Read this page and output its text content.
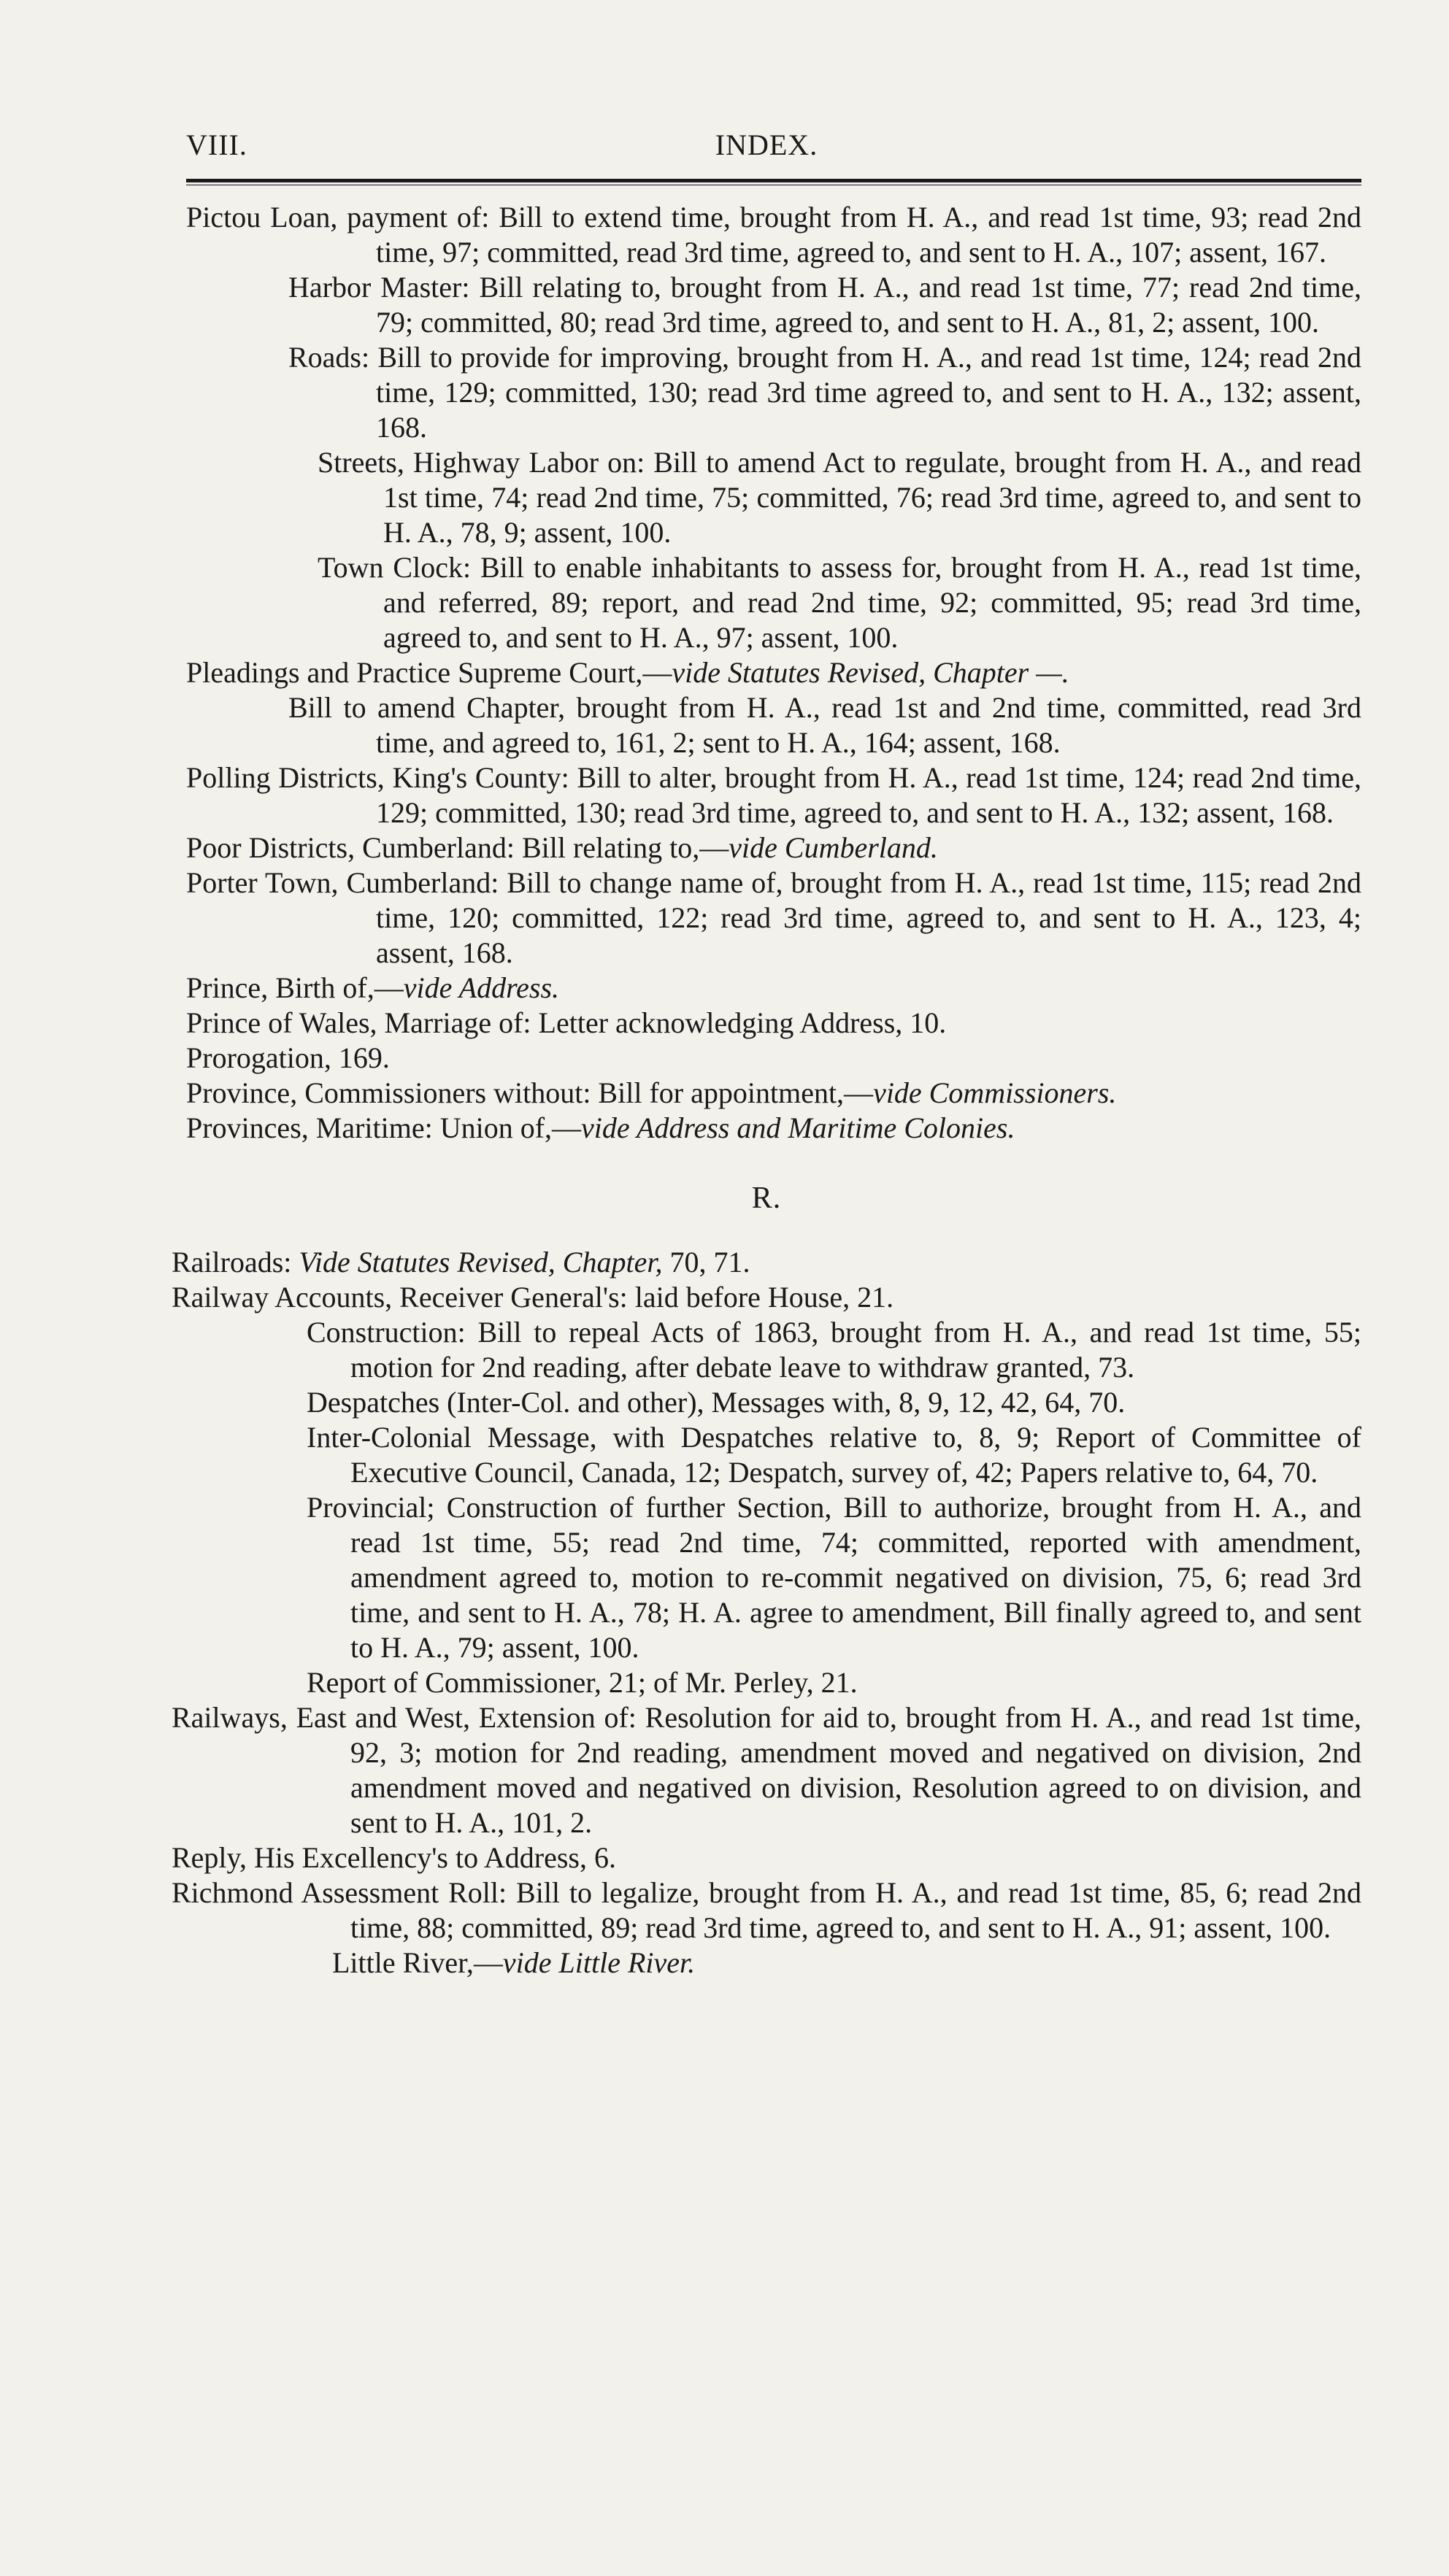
VIII.	INDEX.

Pictou Loan, payment of: Bill to extend time, brought from H. A., and read 1st time, 93; read 2nd time, 97; committed, read 3rd time, agreed to, and sent to H. A., 107; assent, 167.

Harbor Master: Bill relating to, brought from H. A., and read 1st time, 77; read 2nd time, 79; committed, 80; read 3rd time, agreed to, and sent to H. A., 81, 2; assent, 100.

Roads: Bill to provide for improving, brought from H. A., and read 1st time, 124; read 2nd time, 129; committed, 130; read 3rd time agreed to, and sent to H. A., 132; assent, 168.

Streets, Highway Labor on: Bill to amend Act to regulate, brought from H. A., and read 1st time, 74; read 2nd time, 75; committed, 76; read 3rd time, agreed to, and sent to H. A., 78, 9; assent, 100.

Town Clock: Bill to enable inhabitants to assess for, brought from H. A., read 1st time, and referred, 89; report, and read 2nd time, 92; committed, 95; read 3rd time, agreed to, and sent to H. A., 97; assent, 100.

Pleadings and Practice Supreme Court,—vide Statutes Revised, Chapter —.

Bill to amend Chapter, brought from H. A., read 1st and 2nd time, committed, read 3rd time, and agreed to, 161, 2; sent to H. A., 164; assent, 168.

Polling Districts, King's County: Bill to alter, brought from H. A., read 1st time, 124; read 2nd time, 129; committed, 130; read 3rd time, agreed to, and sent to H. A., 132; assent, 168.

Poor Districts, Cumberland: Bill relating to,—vide Cumberland.

Porter Town, Cumberland: Bill to change name of, brought from H. A., read 1st time, 115; read 2nd time, 120; committed, 122; read 3rd time, agreed to, and sent to H. A., 123, 4; assent, 168.

Prince, Birth of,—vide Address.

Prince of Wales, Marriage of: Letter acknowledging Address, 10.

Prorogation, 169.

Province, Commissioners without: Bill for appointment,—vide Commissioners.

Provinces, Maritime: Union of,—vide Address and Maritime Colonies.

R.

Railroads: Vide Statutes Revised, Chapter, 70, 71.

Railway Accounts, Receiver General's: laid before House, 21.

Construction: Bill to repeal Acts of 1863, brought from H. A., and read 1st time, 55; motion for 2nd reading, after debate leave to withdraw granted, 73.

Despatches (Inter-Col. and other), Messages with, 8, 9, 12, 42, 64, 70.

Inter-Colonial Message, with Despatches relative to, 8, 9; Report of Committee of Executive Council, Canada, 12; Despatch, survey of, 42; Papers relative to, 64, 70.

Provincial; Construction of further Section, Bill to authorize, brought from H. A., and read 1st time, 55; read 2nd time, 74; committed, reported with amendment, amendment agreed to, motion to re-commit negatived on division, 75, 6; read 3rd time, and sent to H. A., 78; H. A. agree to amendment, Bill finally agreed to, and sent to H. A., 79; assent, 100.

Report of Commissioner, 21; of Mr. Perley, 21.

Railways, East and West, Extension of: Resolution for aid to, brought from H. A., and read 1st time, 92, 3; motion for 2nd reading, amendment moved and negatived on division, 2nd amendment moved and negatived on division, Resolution agreed to on division, and sent to H. A., 101, 2.

Reply, His Excellency's to Address, 6.

Richmond Assessment Roll: Bill to legalize, brought from H. A., and read 1st time, 85, 6; read 2nd time, 88; committed, 89; read 3rd time, agreed to, and sent to H. A., 91; assent, 100.

Little River,—vide Little River.
